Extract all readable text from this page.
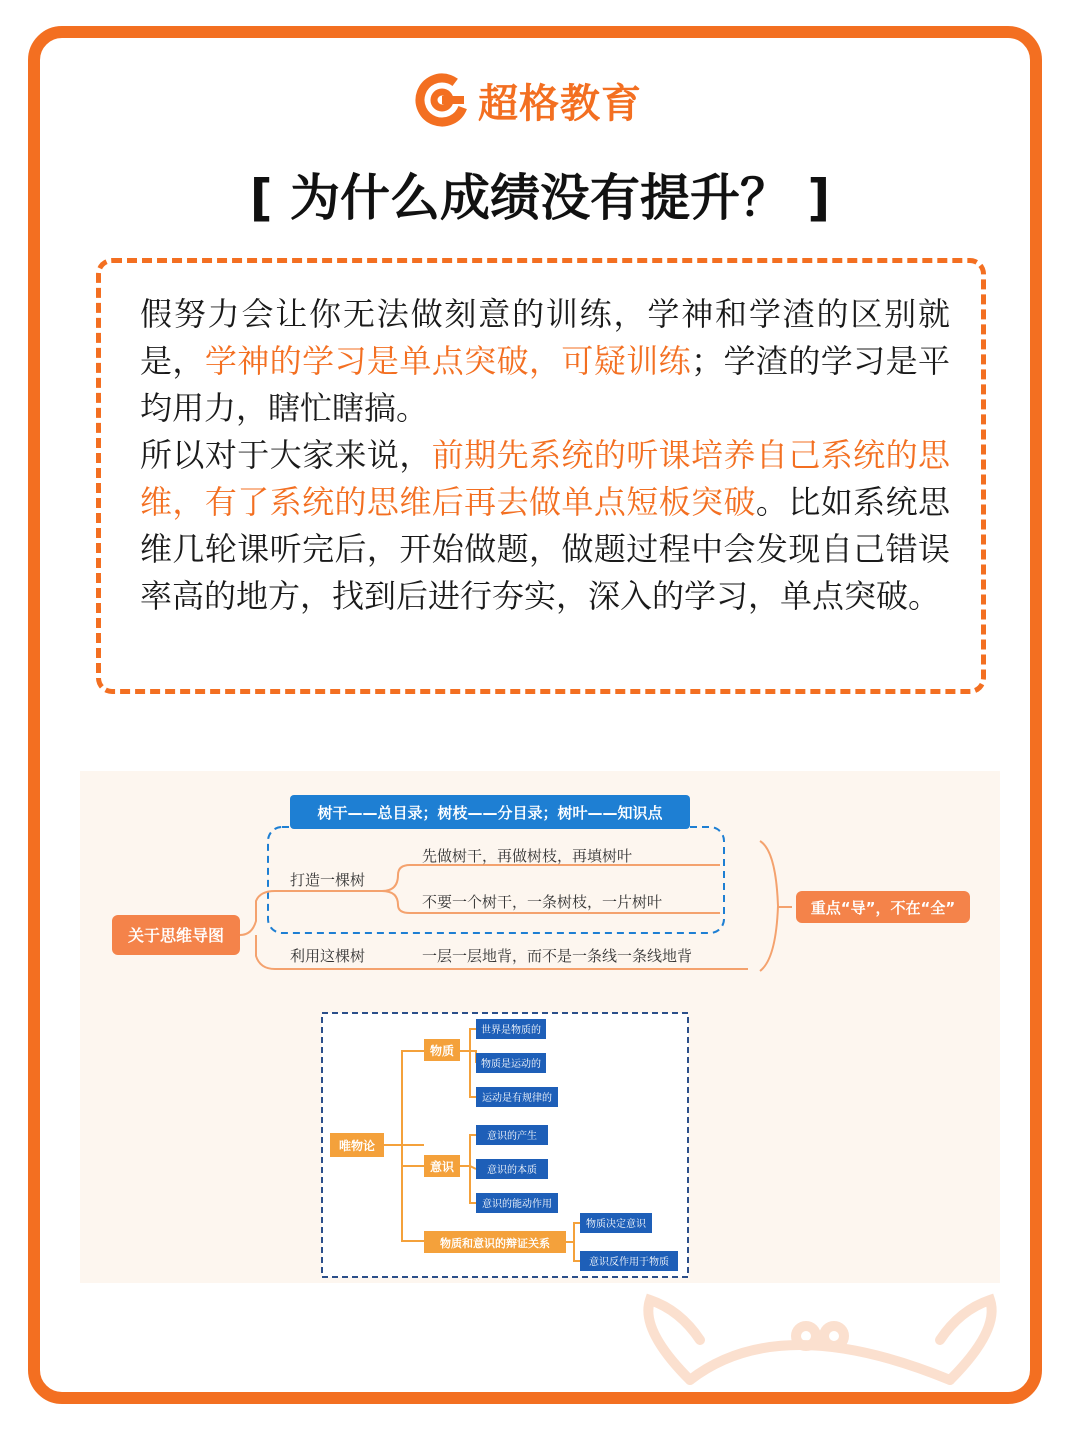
超格教育
[ 为什么成绩没有提升？ ]
假努力会让你无法做刻意的训练，学神和学渣的区别就是，学神的学习是单点突破，可疑训练；学渣的学习是平均用力，瞎忙瞎搞。
所以对于大家来说，前期先系统的听课培养自己系统的思维，有了系统的思维后再去做单点短板突破。比如系统思维几轮课听完后，开始做题，做题过程中会发现自己错误率高的地方，找到后进行夯实，深入的学习，单点突破。
树干——总目录；树枝——分目录；树叶——知识点
关于思维导图
打造一棵树
先做树干，再做树枝，再填树叶
不要一个树干，一条树枝，一片树叶
利用这棵树	一层一层地背，而不是一条线一条线地背
重点“导”，不在“全”
唯物论
物质
世界是物质的
物质是运动的
运动是有规律的
意识
意识的产生
意识的本质
意识的能动作用
物质和意识的辩证关系
物质决定意识
意识反作用于物质
